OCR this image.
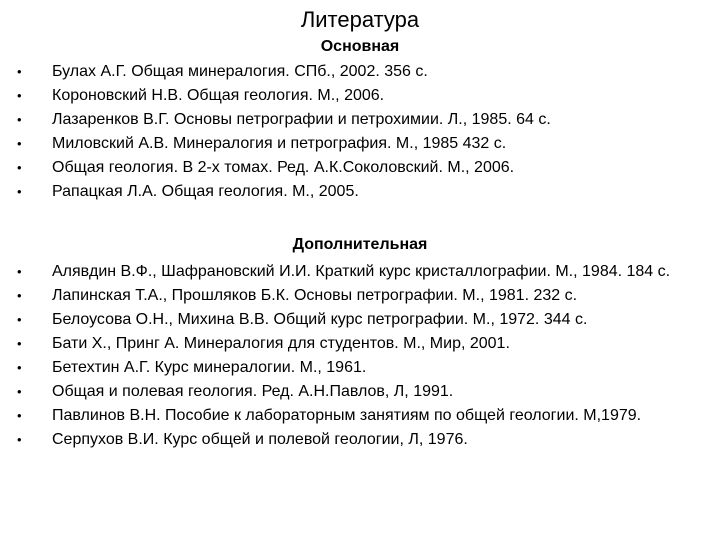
Литература
Основная
• Булах А.Г. Общая минералогия. СПб., 2002. 356 с.
• Короновский Н.В. Общая геология. М., 2006.
• Лазаренков В.Г. Основы петрографии и петрохимии. Л., 1985. 64 с.
• Миловский А.В. Минералогия и петрография. М., 1985 432 с.
• Общая геология. В 2-х томах. Ред. А.К.Соколовский. М., 2006.
• Рапацкая Л.А. Общая геология. М., 2005.
Дополнительная
• Алявдин В.Ф., Шафрановский И.И. Краткий курс кристаллографии. М., 1984. 184 с.
• Лапинская Т.А., Прошляков Б.К. Основы петрографии. М., 1981. 232 с.
• Белоусова О.Н., Михина В.В. Общий курс петрографии. М., 1972. 344 с.
• Бати Х., Принг А. Минералогия для студентов. М., Мир, 2001.
• Бетехтин А.Г. Курс минералогии. М., 1961.
• Общая и полевая геология. Ред. А.Н.Павлов, Л, 1991.
• Павлинов В.Н. Пособие к лабораторным занятиям по общей геологии. М,1979.
• Серпухов В.И. Курс общей и полевой геологии, Л, 1976.
